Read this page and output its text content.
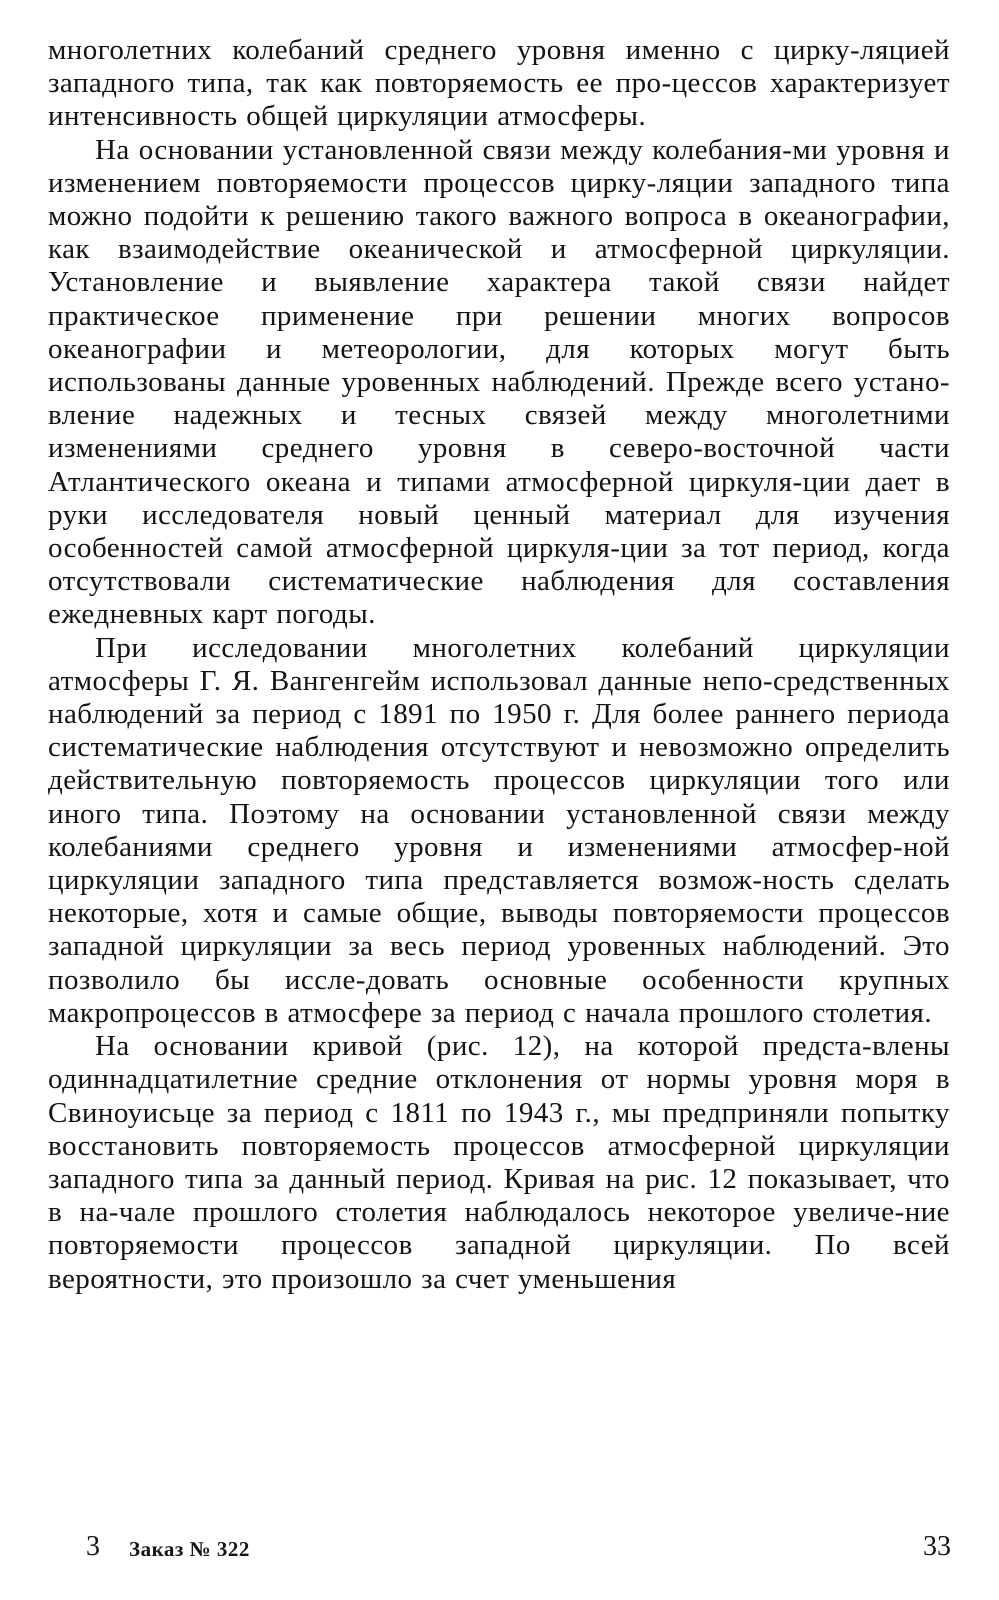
многолетних колебаний среднего уровня именно с цирку-ляцией западного типа, так как повторяемость ее про-цессов характеризует интенсивность общей циркуляции атмосферы.

На основании установленной связи между колебания-ми уровня и изменением повторяемости процессов цирку-ляции западного типа можно подойти к решению такого важного вопроса в океанографии, как взаимодействие океанической и атмосферной циркуляции. Установление и выявление характера такой связи найдет практическое применение при решении многих вопросов океанографии и метеорологии, для которых могут быть использованы данные уровенных наблюдений. Прежде всего устано-вление надежных и тесных связей между многолетними изменениями среднего уровня в северо-восточной части Атлантического океана и типами атмосферной циркуля-ции дает в руки исследователя новый ценный материал для изучения особенностей самой атмосферной циркуля-ции за тот период, когда отсутствовали систематические наблюдения для составления ежедневных карт погоды.

При исследовании многолетних колебаний циркуляции атмосферы Г. Я. Вангенгейм использовал данные непо-средственных наблюдений за период с 1891 по 1950 г. Для более раннего периода систематические наблюдения отсутствуют и невозможно определить действительную повторяемость процессов циркуляции того или иного типа. Поэтому на основании установленной связи между колебаниями среднего уровня и изменениями атмосфер-ной циркуляции западного типа представляется возмож-ность сделать некоторые, хотя и самые общие, выводы повторяемости процессов западной циркуляции за весь период уровенных наблюдений. Это позволило бы иссле-довать основные особенности крупных макропроцессов в атмосфере за период с начала прошлого столетия.

На основании кривой (рис. 12), на которой предста-влены одиннадцатилетние средние отклонения от нормы уровня моря в Свиноуисьце за период с 1811 по 1943 г., мы предприняли попытку восстановить повторяемость процессов атмосферной циркуляции западного типа за данный период. Кривая на рис. 12 показывает, что в на-чале прошлого столетия наблюдалось некоторое увеличе-ние повторяемости процессов западной циркуляции. По всей вероятности, это произошло за счет уменьшения

3 Заказ № 322	33
